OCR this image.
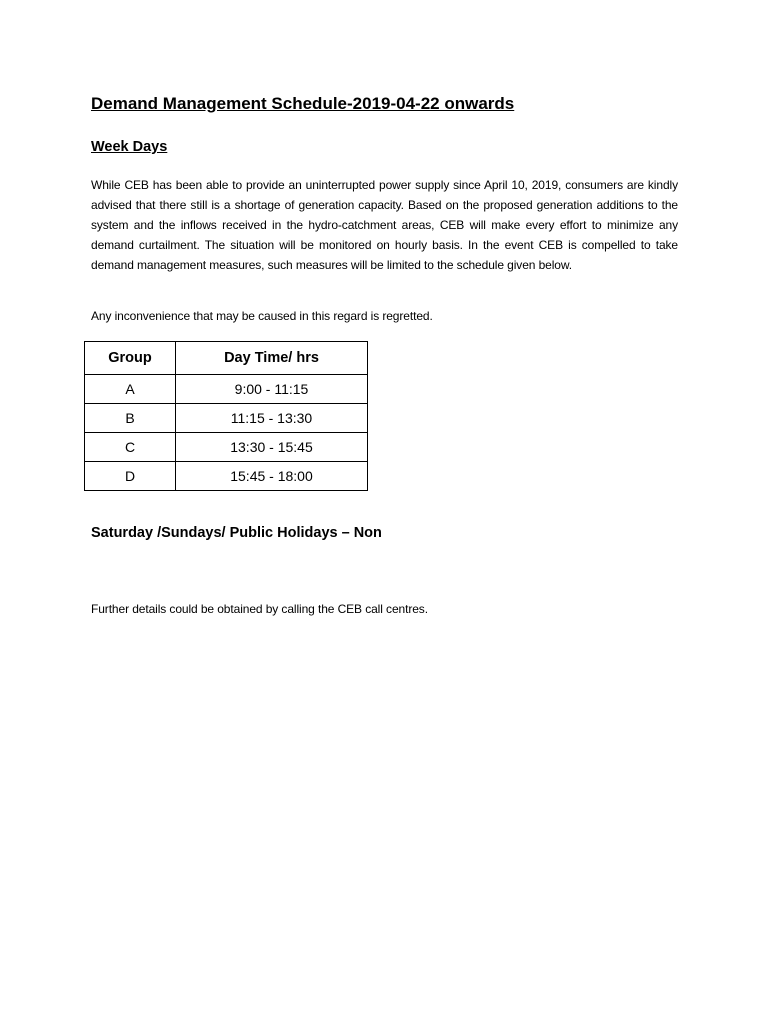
Demand Management Schedule-2019-04-22 onwards
Week Days
While CEB has been able to provide an uninterrupted power supply since April 10, 2019, consumers are kindly advised that there still is a shortage of generation capacity. Based on the proposed generation additions to the system and the inflows received in the hydro-catchment areas, CEB will make every effort to minimize any demand curtailment. The situation will be monitored on hourly basis. In the event CEB is compelled to take demand management measures, such measures will be limited to the schedule given below.
Any inconvenience that may be caused in this regard is regretted.
Group	Day Time/ hrs
A	9:00 - 11:15
B	11:15 - 13:30
C	13:30 - 15:45
D	15:45 - 18:00
Saturday /Sundays/ Public Holidays – Non
Further details could be obtained by calling the CEB call centres.
